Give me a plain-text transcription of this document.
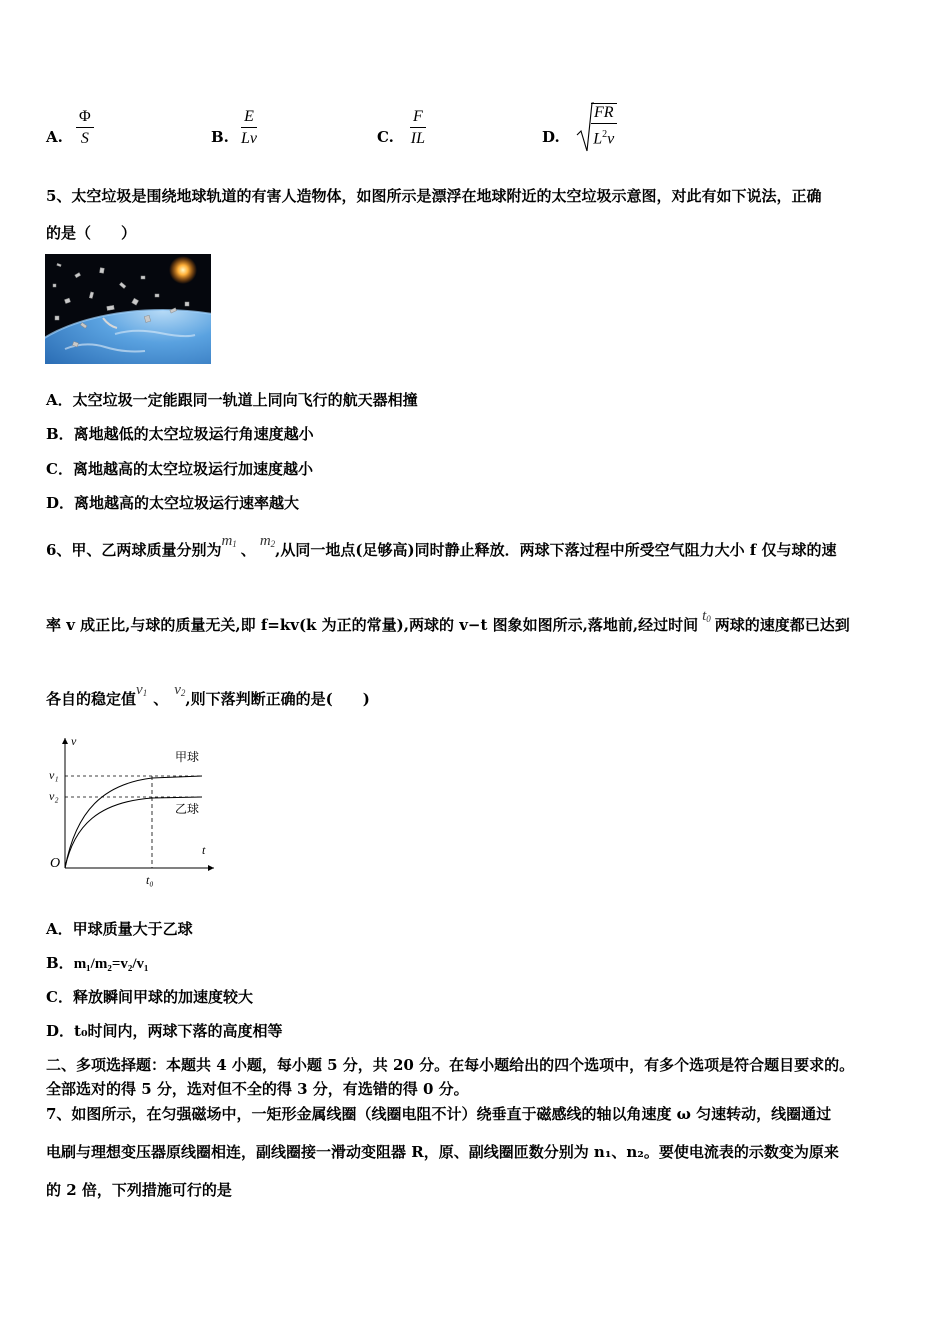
A. $\frac{\Phi}{S}$	B. $\frac{E}{Lv}$	C. $\frac{F}{IL}$	D. $\frac{FR}{L^2v}$
5、太空垃圾是围绕地球轨道的有害人造物体，如图所示是漂浮在地球附近的太空垃圾示意图，对此有如下说法，正确
的是（　　）
A．太空垃圾一定能跟同一轨道上同向飞行的航天器相撞
B．离地越低的太空垃圾运行角速度越小
C．离地越高的太空垃圾运行加速度越小
D．离地越高的太空垃圾运行速率越大
6、甲、乙两球质量分别为$m_1$ 、 $m_2$,从同一地点(足够高)同时静止释放．两球下落过程中所受空气阻力大小 f 仅与球的速
率 v 成正比,与球的质量无关,即 f=kv(k 为正的常量),两球的 v−t 图象如图所示,落地前,经过时间 $t_0$ 两球的速度都已达到
各自的稳定值$v_1$ 、 $v_2$,则下落判断正确的是(　　)
v
v₁
v₂
O
t
t₀
甲球
乙球
A．甲球质量大于乙球
B．m₁/m₂=v₂/v₁
C．释放瞬间甲球的加速度较大
D．t₀时间内，两球下落的高度相等
二、多项选择题：本题共 4 小题，每小题 5 分，共 20 分。在每小题给出的四个选项中，有多个选项是符合题目要求的。
全部选对的得 5 分，选对但不全的得 3 分，有选错的得 0 分。
7、如图所示，在匀强磁场中，一矩形金属线圈（线圈电阻不计）绕垂直于磁感线的轴以角速度 ω 匀速转动，线圈通过
电刷与理想变压器原线圈相连，副线圈接一滑动变阻器 R，原、副线圈匝数分别为 n₁、n₂。要使电流表的示数变为原来
的 2 倍，下列措施可行的是
